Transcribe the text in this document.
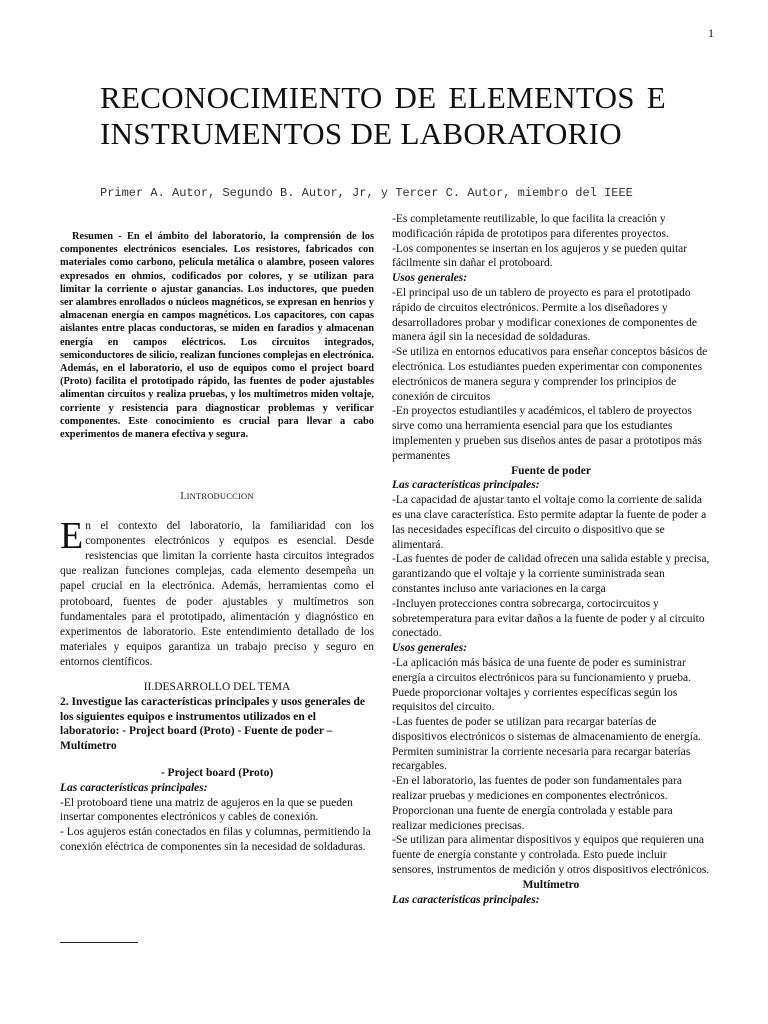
1
RECONOCIMIENTO DE ELEMENTOS E
INSTRUMENTOS DE LABORATORIO
Primer A. Autor, Segundo B. Autor, Jr, y Tercer C. Autor, miembro del IEEE

Resumen - En el ámbito del laboratorio, la comprensión de los componentes electrónicos esenciales. Los resistores, fabricados con materiales como carbono, película metálica o alambre, poseen valores expresados en ohmios, codificados por colores, y se utilizan para limitar la corriente o ajustar ganancias. Los inductores, que pueden ser alambres enrollados o núcleos magnéticos, se expresan en henrios y almacenan energía en campos magnéticos. Los capacitores, con capas aislantes entre placas conductoras, se miden en faradios y almacenan energía en campos eléctricos. Los circuitos integrados, semiconductores de silicio, realizan funciones complejas en electrónica. Además, en el laboratorio, el uso de equipos como el project board (Proto) facilita el prototipado rápido, las fuentes de poder ajustables alimentan circuitos y realiza pruebas, y los multímetros miden voltaje, corriente y resistencia para diagnosticar problemas y verificar componentes. Este conocimiento es crucial para llevar a cabo experimentos de manera efectiva y segura.

I.INTRODUCCION

En el contexto del laboratorio, la familiaridad con los componentes electrónicos y equipos es esencial. Desde resistencias que limitan la corriente hasta circuitos integrados que realizan funciones complejas, cada elemento desempeña un papel crucial en la electrónica. Además, herramientas como el protoboard, fuentes de poder ajustables y multímetros son fundamentales para el prototipado, alimentación y diagnóstico en experimentos de laboratorio. Este entendimiento detallado de los materiales y equipos garantiza un trabajo preciso y seguro en entornos científicos.

II.DESARROLLO DEL TEMA

2. Investigue las características principales y usos generales de los siguientes equipos e instrumentos utilizados en el laboratorio: - Project board (Proto) - Fuente de poder – Multímetro

- Project board (Proto)

Las características principales:

-El protoboard tiene una matriz de agujeros en la que se pueden insertar componentes electrónicos y cables de conexión.

- Los agujeros están conectados en filas y columnas, permitiendo la conexión eléctrica de componentes sin la necesidad de soldaduras.

-Es completamente reutilizable, lo que facilita la creación y modificación rápida de prototipos para diferentes proyectos.

-Los componentes se insertan en los agujeros y se pueden quitar fácilmente sin dañar el protoboard.

Usos generales:

-El principal uso de un tablero de proyecto es para el prototipado rápido de circuitos electrónicos. Permite a los diseñadores y desarrolladores probar y modificar conexiones de componentes de manera ágil sin la necesidad de soldaduras.

-Se utiliza en entornos educativos para enseñar conceptos básicos de electrónica. Los estudiantes pueden experimentar con componentes electrónicos de manera segura y comprender los principios de conexión de circuitos

-En proyectos estudiantiles y académicos, el tablero de proyectos sirve como una herramienta esencial para que los estudiantes implementen y prueben sus diseños antes de pasar a prototipos más permanentes

Fuente de poder

Las características principales:

-La capacidad de ajustar tanto el voltaje como la corriente de salida es una clave característica. Esto permite adaptar la fuente de poder a las necesidades específicas del circuito o dispositivo que se alimentará.

-Las fuentes de poder de calidad ofrecen una salida estable y precisa, garantizando que el voltaje y la corriente suministrada sean constantes incluso ante variaciones en la carga

-Incluyen protecciones contra sobrecarga, cortocircuitos y sobretemperatura para evitar daños a la fuente de poder y al circuito conectado.

Usos generales:

-La aplicación más básica de una fuente de poder es suministrar energía a circuitos electrónicos para su funcionamiento y prueba. Puede proporcionar voltajes y corrientes específicas según los requisitos del circuito.

-Las fuentes de poder se utilizan para recargar baterías de dispositivos electrónicos o sistemas de almacenamiento de energía. Permiten suministrar la corriente necesaria para recargar baterías recargables.

-En el laboratorio, las fuentes de poder son fundamentales para realizar pruebas y mediciones en componentes electrónicos. Proporcionan una fuente de energía controlada y estable para realizar mediciones precisas.

-Se utilizan para alimentar dispositivos y equipos que requieren una fuente de energía constante y controlada. Esto puede incluir sensores, instrumentos de medición y otros dispositivos electrónicos.

Multímetro

Las características principales:
